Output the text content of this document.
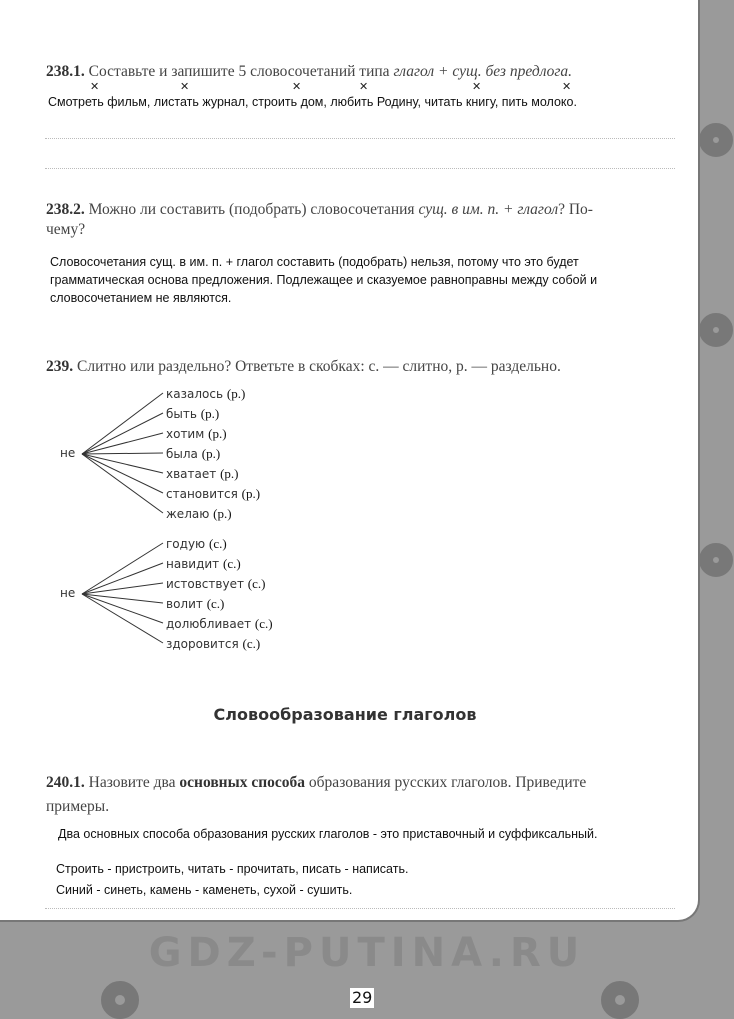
238.1. Составьте и запишите 5 словосочетаний типа глагол + сущ. без предлога.
✕	✕	✕	✕	✕	✕
Смотреть фильм, листать журнал, строить дом, любить Родину, читать книгу, пить молоко.
238.2. Можно ли составить (подобрать) словосочетания сущ. в им. п. + глагол? По-
чему?
Словосочетания сущ. в им. п. + глагол составить (подобрать) нельзя, потому что это будет
грамматическая основа предложения. Подлежащее и сказуемое равноправны между собой и
словосочетанием не являются.
239. Слитно или раздельно? Ответьте в скобках: с. — слитно, р. — раздельно.
не
не
казалось (р.)
быть (р.)
хотим (р.)
была (р.)
хватает (р.)
становится (р.)
желаю (р.)
годую (с.)
навидит (с.)
истовствует (с.)
волит (с.)
долюбливает (с.)
здоровится (с.)
Словообразование глаголов
240.1. Назовите два основных способа образования русских глаголов. Приведите
примеры.
Два основных способа образования русских глаголов - это приставочный и суффиксальный.
Строить - пристроить, читать - прочитать, писать - написать.
Синий - синеть, камень - каменеть, сухой - сушить.
GDZ-PUTINA.RU
29
